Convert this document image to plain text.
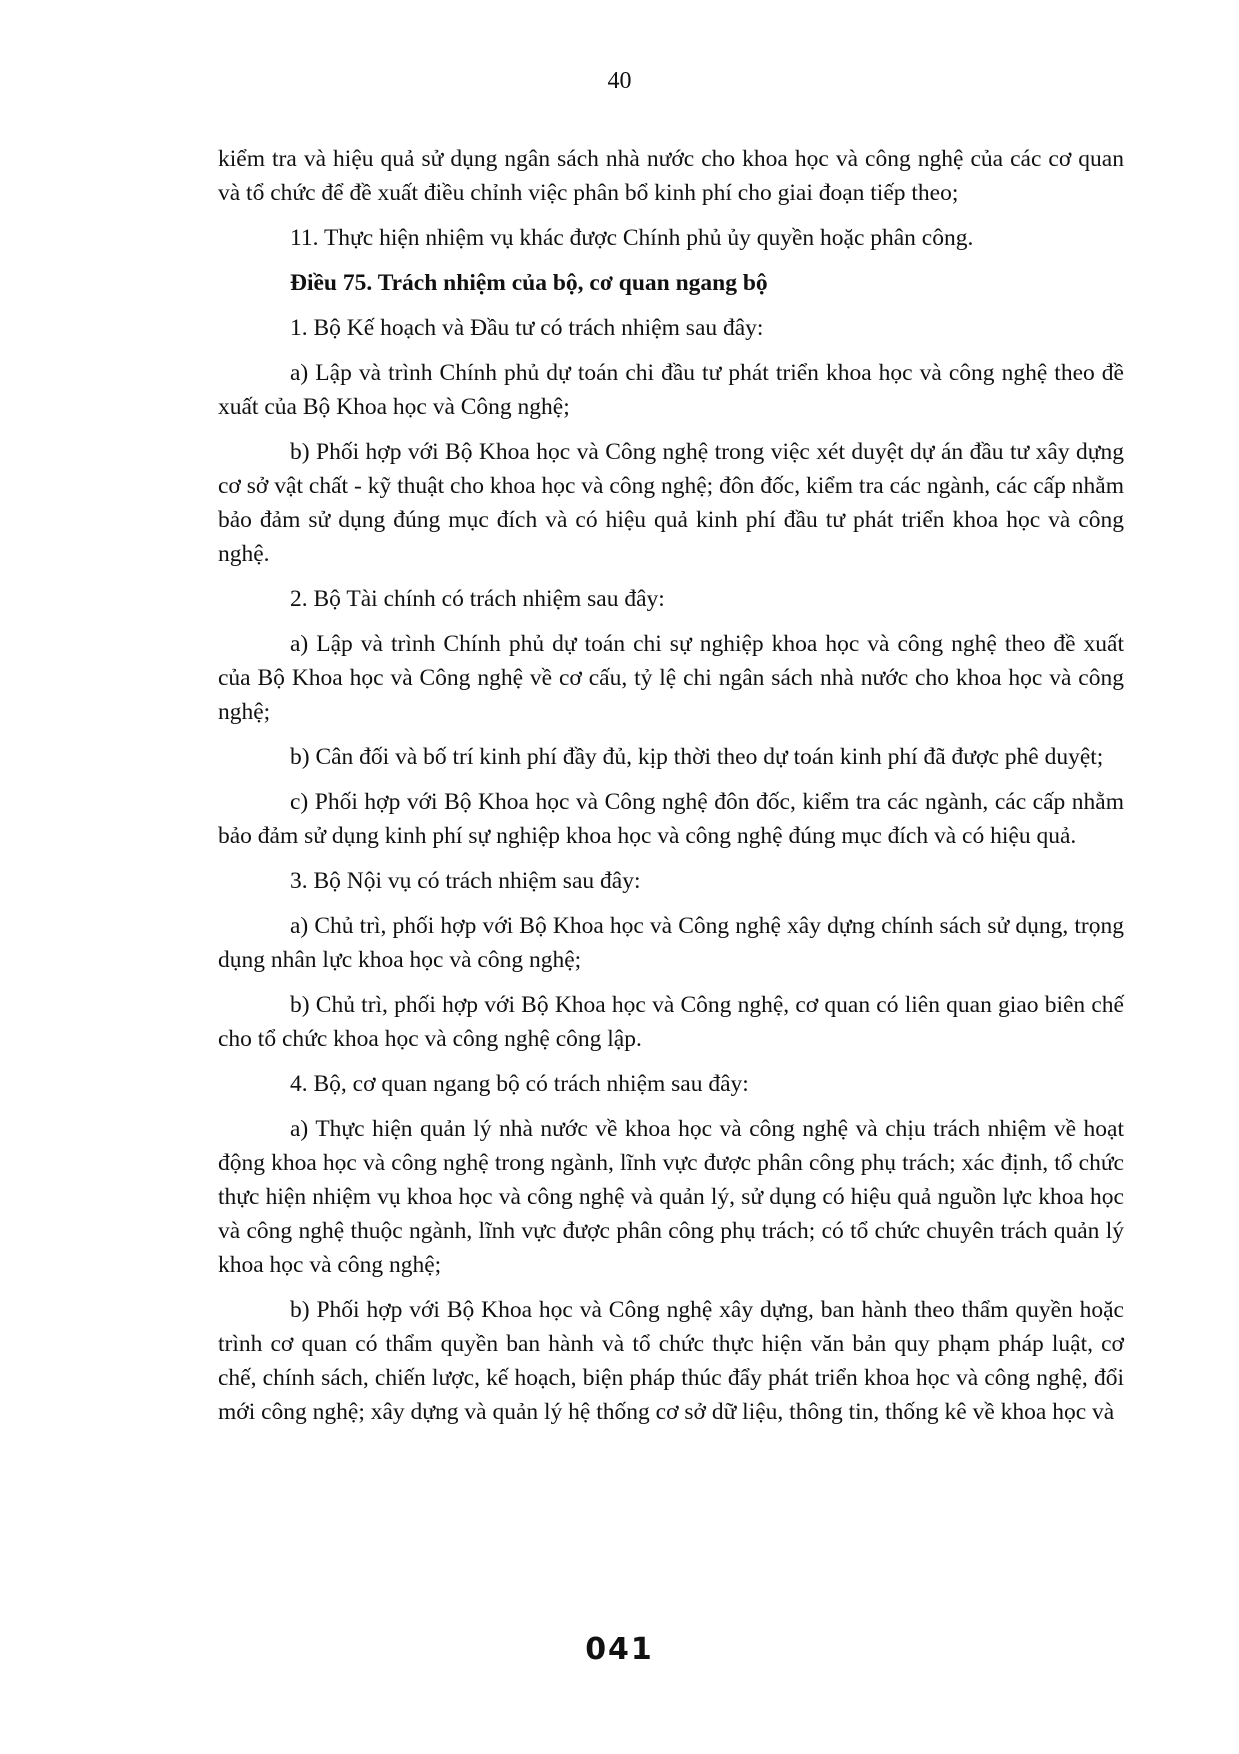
40

kiểm tra và hiệu quả sử dụng ngân sách nhà nước cho khoa học và công nghệ của các cơ quan và tổ chức để đề xuất điều chỉnh việc phân bổ kinh phí cho giai đoạn tiếp theo;

11. Thực hiện nhiệm vụ khác được Chính phủ ủy quyền hoặc phân công.

Điều 75. Trách nhiệm của bộ, cơ quan ngang bộ

1. Bộ Kế hoạch và Đầu tư có trách nhiệm sau đây:

a) Lập và trình Chính phủ dự toán chi đầu tư phát triển khoa học và công nghệ theo đề xuất của Bộ Khoa học và Công nghệ;

b) Phối hợp với Bộ Khoa học và Công nghệ trong việc xét duyệt dự án đầu tư xây dựng cơ sở vật chất - kỹ thuật cho khoa học và công nghệ; đôn đốc, kiểm tra các ngành, các cấp nhằm bảo đảm sử dụng đúng mục đích và có hiệu quả kinh phí đầu tư phát triển khoa học và công nghệ.

2. Bộ Tài chính có trách nhiệm sau đây:

a) Lập và trình Chính phủ dự toán chi sự nghiệp khoa học và công nghệ theo đề xuất của Bộ Khoa học và Công nghệ về cơ cấu, tỷ lệ chi ngân sách nhà nước cho khoa học và công nghệ;

b) Cân đối và bố trí kinh phí đầy đủ, kịp thời theo dự toán kinh phí đã được phê duyệt;

c) Phối hợp với Bộ Khoa học và Công nghệ đôn đốc, kiểm tra các ngành, các cấp nhằm bảo đảm sử dụng kinh phí sự nghiệp khoa học và công nghệ đúng mục đích và có hiệu quả.

3. Bộ Nội vụ có trách nhiệm sau đây:

a) Chủ trì, phối hợp với Bộ Khoa học và Công nghệ xây dựng chính sách sử dụng, trọng dụng nhân lực khoa học và công nghệ;

b) Chủ trì, phối hợp với Bộ Khoa học và Công nghệ, cơ quan có liên quan giao biên chế cho tổ chức khoa học và công nghệ công lập.

4. Bộ, cơ quan ngang bộ có trách nhiệm sau đây:

a) Thực hiện quản lý nhà nước về khoa học và công nghệ và chịu trách nhiệm về hoạt động khoa học và công nghệ trong ngành, lĩnh vực được phân công phụ trách; xác định, tổ chức thực hiện nhiệm vụ khoa học và công nghệ và quản lý, sử dụng có hiệu quả nguồn lực khoa học và công nghệ thuộc ngành, lĩnh vực được phân công phụ trách; có tổ chức chuyên trách quản lý khoa học và công nghệ;

b) Phối hợp với Bộ Khoa học và Công nghệ xây dựng, ban hành theo thẩm quyền hoặc trình cơ quan có thẩm quyền ban hành và tổ chức thực hiện văn bản quy phạm pháp luật, cơ chế, chính sách, chiến lược, kế hoạch, biện pháp thúc đẩy phát triển khoa học và công nghệ, đổi mới công nghệ; xây dựng và quản lý hệ thống cơ sở dữ liệu, thông tin, thống kê về khoa học và

041
